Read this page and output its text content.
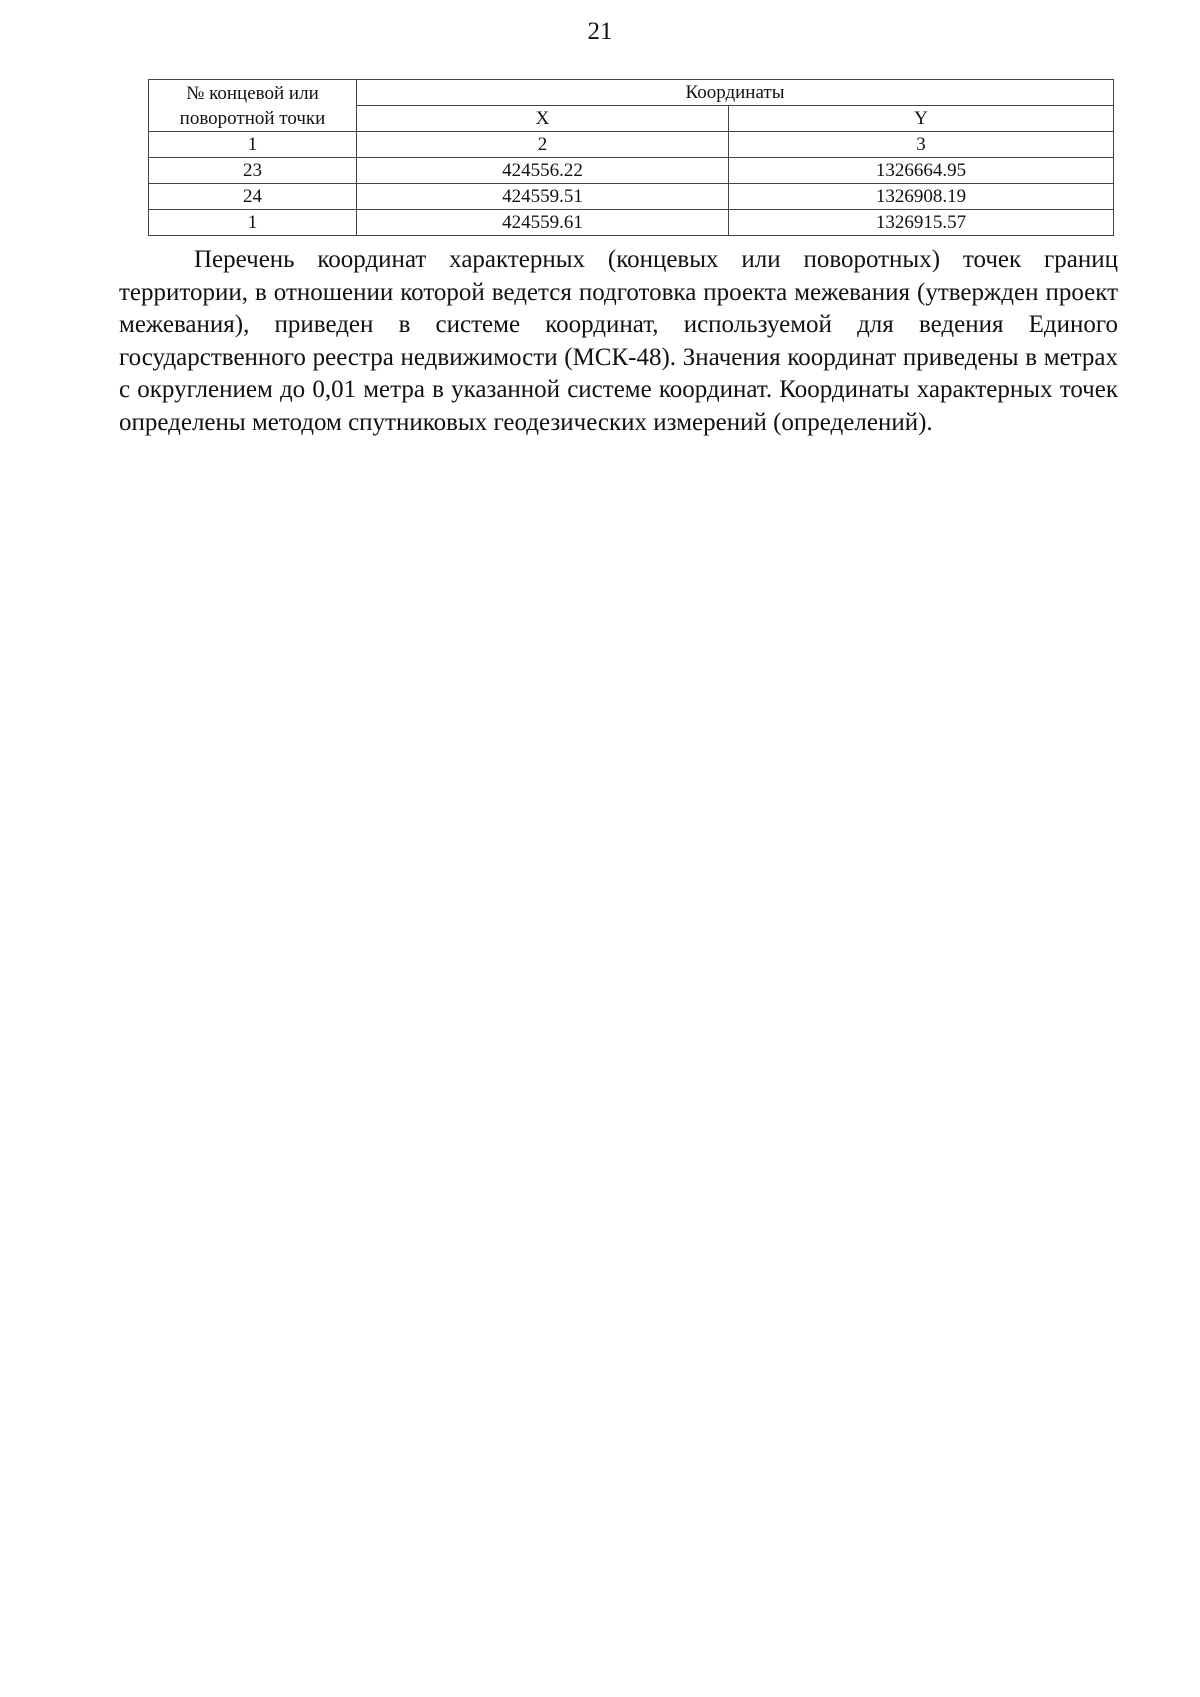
21
№ концевой или
поворотной точки	Координаты	
	X	Y
1	2	3
23	424556.22	1326664.95
24	424559.51	1326908.19
1	424559.61	1326915.57

Перечень координат характерных (концевых или поворотных) точек границ территории, в отношении которой ведется подготовка проекта межевания (утвержден проект межевания), приведен в системе координат, используемой для ведения Единого государственного реестра недвижимости (МСК-48). Значения координат приведены в метрах с округлением до 0,01 метра в указанной системе координат. Координаты характерных точек определены методом спутниковых геодезических измерений (определений).
